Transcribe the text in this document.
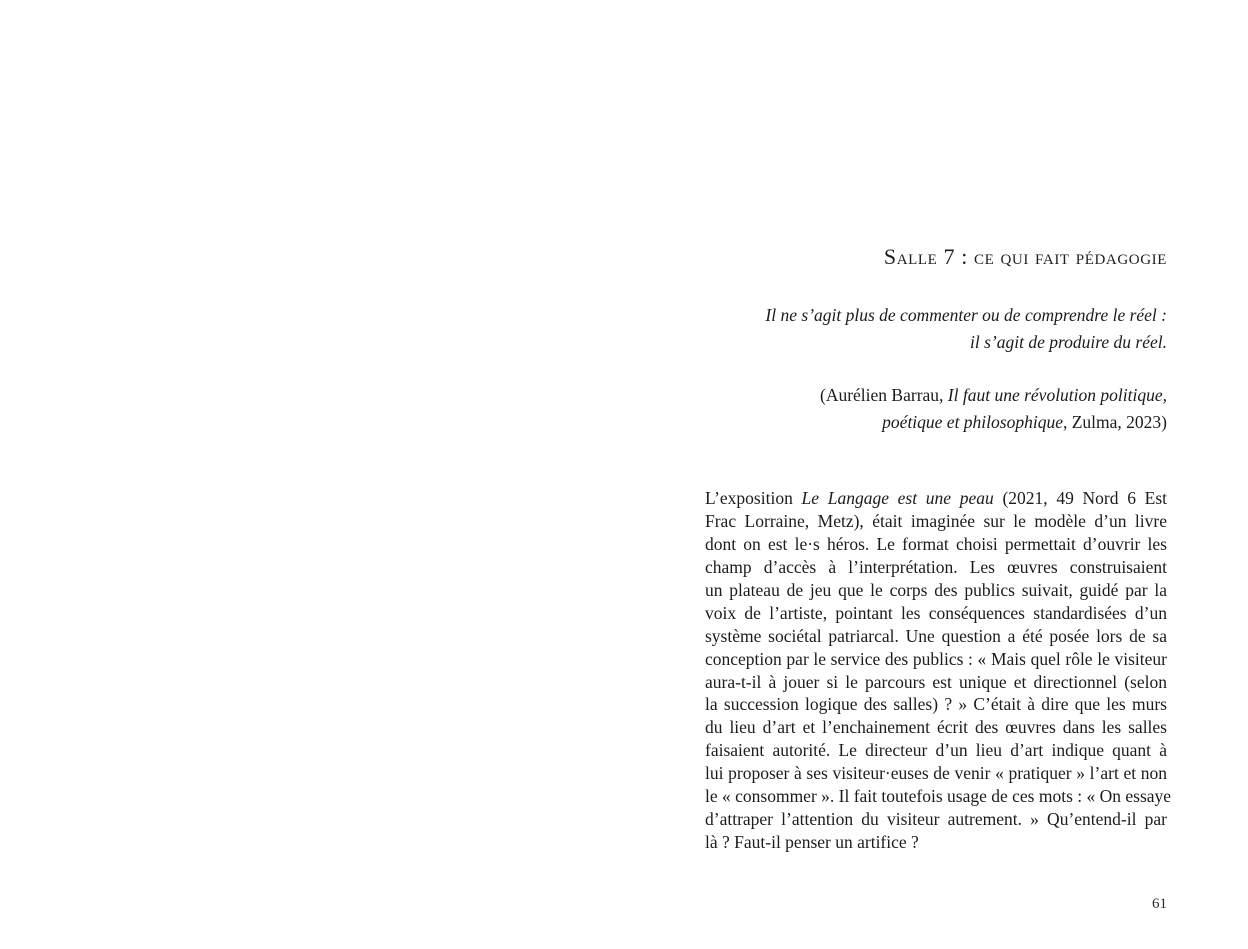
Salle 7 : ce qui fait pédagogie

Il ne s’agit plus de commenter ou de comprendre le réel :
il s’agit de produire du réel.

(Aurélien Barrau, Il faut une révolution politique,
poétique et philosophique, Zulma, 2023)

L’exposition Le Langage est une peau (2021, 49 Nord 6 Est
Frac Lorraine, Metz), était imaginée sur le modèle d’un livre
dont on est le·s héros. Le format choisi permettait d’ouvrir les
champ d’accès à l’interprétation. Les œuvres construisaient
un plateau de jeu que le corps des publics suivait, guidé par la
voix de l’artiste, pointant les conséquences standardisées d’un
système sociétal patriarcal. Une question a été posée lors de sa
conception par le service des publics : « Mais quel rôle le visiteur
aura-t-il à jouer si le parcours est unique et directionnel (selon
la succession logique des salles) ? » C’était à dire que les murs
du lieu d’art et l’enchainement écrit des œuvres dans les salles
faisaient autorité. Le directeur d’un lieu d’art indique quant à
lui proposer à ses visiteur·euses de venir « pratiquer » l’art et non
le « consommer ». Il fait toutefois usage de ces mots : « On essaye
d’attraper l’attention du visiteur autrement. » Qu’entend-il par
là ? Faut-il penser un artifice ?
61
